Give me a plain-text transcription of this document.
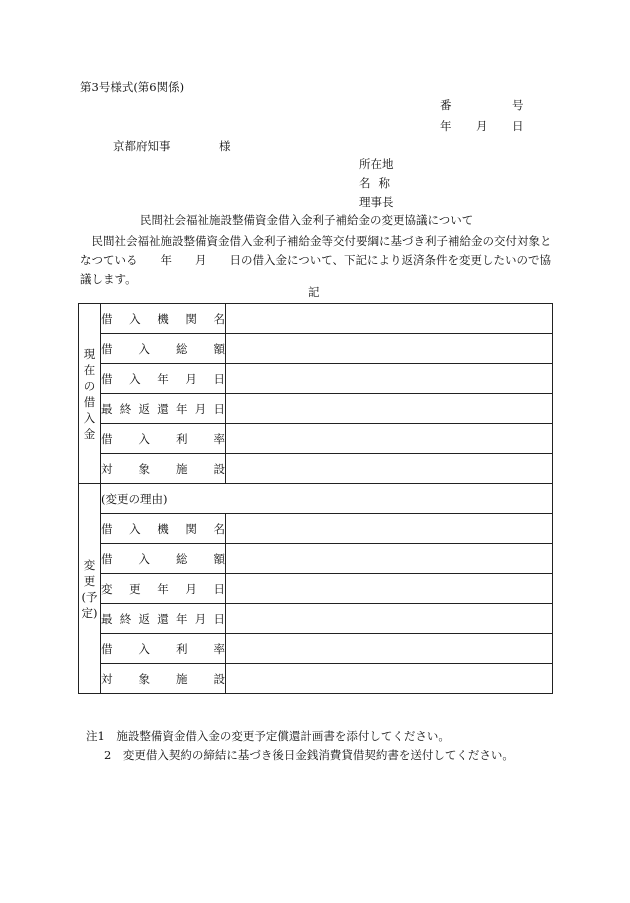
第3号様式(第6関係)
番	号
年 月 日
京都府知事	様
所在地
名称
理事長
民間社会福祉施設整備資金借入金利子補給金の変更協議について
民間社会福祉施設整備資金借入金利子補給金等交付要綱に基づき利子補給金の交付対象となつている　　年　　月　　日の借入金について、下記により返済条件を変更したいので協議します。
記
現在の借入金	借入機関名	
	借入総額	
	借入年月日	
	最終返還年月日	
	借入利率	
	対象施設	
変 更(予定)	(変更の理由)	
	借入機関名	
	借入総額	
	変更年月日	
	最終返還年月日	
	借入利率	
	対象施設	
注1　施設整備資金借入金の変更予定償還計画書を添付してください。
2　変更借入契約の締結に基づき後日金銭消費貸借契約書を送付してください。
